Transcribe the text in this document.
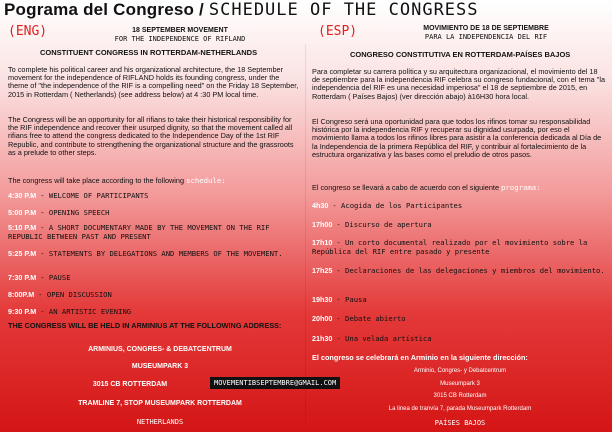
Pograma del Congreso / SCHEDULE OF THE CONGRESS
(ENG)	18 SEPTEMBER MOVEMENT
FOR THE INDEPENDENCE OF RIFLAND
CONSTITUENT CONGRESS IN ROTTERDAM-NETHERLANDS
To complete his political career and his organizational architecture, the 18 September movement for the independence of RIFLAND holds its founding congress, under the theme of "the independence of the RIF is a compelling need" on the Friday 18 September, 2015 in Rotterdam ( Netherlands) (see address below) at 4 :30 PM local time.
The Congress will be an opportunity for all rifians to take their historical responsibility for the RIF independence and recover their usurped dignity, so that the movement called all rifians free to attend the congress dedicated to the Independence Day of the 1st RIF Republic, and contribute to strengthening the organizational structure and the grassroots as a prelude to other steps.
The congress will take place according to the following schedule:
4:30 P.M - WELCOME OF PARTICIPANTS
5:00 P.M - OPENING SPEECH
5:10 P.M - A SHORT DOCUMENTARY MADE BY THE MOVEMENT ON THE RIF REPUBLIC BETWEEN PAST AND PRESENT
5:25 P.M - STATEMENTS BY DELEGATIONS AND MEMBERS OF THE MOVEMENT.
7:30 P.M - PAUSE
8:00P.M - OPEN DISCUSSION
9:30 P.M - AN ARTISTIC EVENING
THE CONGRESS WILL BE HELD IN ARMINIUS AT THE FOLLOWING ADDRESS:
ARMINIUS, CONGRES- & DEBATCENTRUM
MUSEUMPARK 3
3015 CB ROTTERDAM
TRAMLINE 7, STOP MUSEUMPARK ROTTERDAM
NETHERLANDS
MOVEMENTIBSEPTEMBRE@GMAIL.COM
(ESP)	MOVIMIENTO DE 18 DE SEPTIEMBRE
PARA LA INDEPENDENCIA DEL RIF
CONGRESO CONSTITUTIVA EN ROTTERDAM-PAÍSES BAJOS
Para completar su carrera política y su arquitectura organizacional, el movimiento del 18 de septiembre para la independencia RIF celebra su congreso fundacional, con el tema "la independencia del RIF es una necesidad imperiosa" el 18 de septiembre de 2015, en Rotterdam ( Países Bajos) (ver dirección abajo) à16H30 hora local.
El Congreso será una oportunidad para que todos los rifinos tomar su responsabilidad histórica por la independencia RIF y recuperar su dignidad usurpada, por eso el movimiento llama a todos los rifinos libres para asistir a la conferencia dedicada al Día de la Independencia de la primera República del RIF, y contribuir al fortalecimiento de la estructura organizativa y las bases como el preludio de otros pasos.
El congreso se llevará a cabo de acuerdo con el siguiente programa:
4h30 - Acogida de los Participantes
17h00 - Discurso de apertura
17h10 - Un corto documental realizado por el movimiento sobre la República del RIF entre pasado y presente
17h25 - Declaraciones de las delegaciones y miembros del movimiento.
19h30 - Pausa
20h00 - Debate abierto
21h30 - Una velada artística
El congreso se celebrará en Arminio en la siguiente dirección:
Arminio, Congres- y Debatcentrum
Museumpark 3
3015 CB Rotterdam
La linea de tranvía 7, parada Museumpark Rotterdam
PAÍSES BAJOS
